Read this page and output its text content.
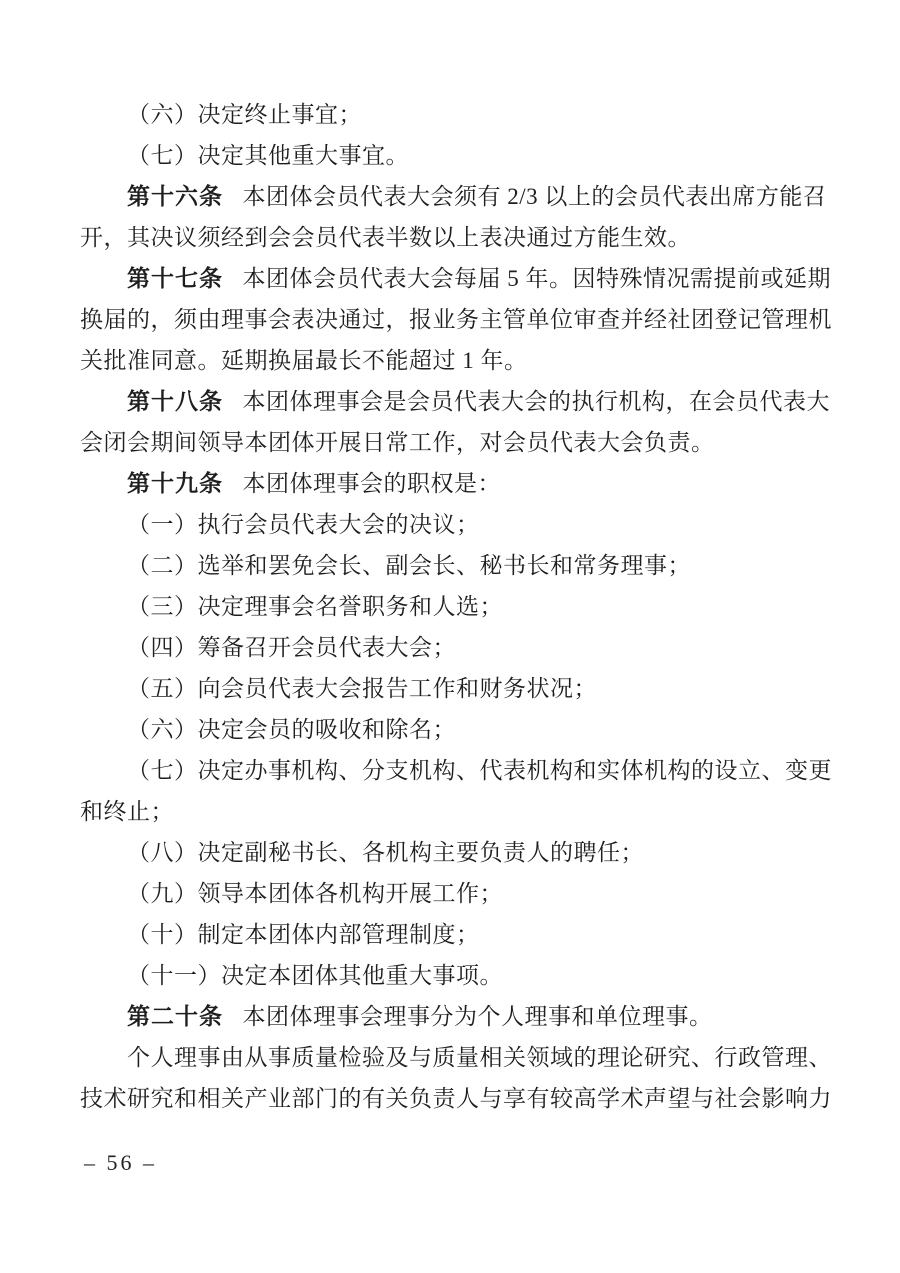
（六）决定终止事宜；

（七）决定其他重大事宜。

第十六条 本团体会员代表大会须有 2/3 以上的会员代表出席方能召

开，其决议须经到会会员代表半数以上表决通过方能生效。

第十七条 本团体会员代表大会每届 5 年。因特殊情况需提前或延期

换届的，须由理事会表决通过，报业务主管单位审查并经社团登记管理机

关批准同意。延期换届最长不能超过 1 年。

第十八条 本团体理事会是会员代表大会的执行机构，在会员代表大

会闭会期间领导本团体开展日常工作，对会员代表大会负责。

第十九条 本团体理事会的职权是：

（一）执行会员代表大会的决议；

（二）选举和罢免会长、副会长、秘书长和常务理事；

（三）决定理事会名誉职务和人选；

（四）筹备召开会员代表大会；

（五）向会员代表大会报告工作和财务状况；

（六）决定会员的吸收和除名；

（七）决定办事机构、分支机构、代表机构和实体机构的设立、变更

和终止；

（八）决定副秘书长、各机构主要负责人的聘任；

（九）领导本团体各机构开展工作；

（十）制定本团体内部管理制度；

（十一）决定本团体其他重大事项。

第二十条 本团体理事会理事分为个人理事和单位理事。

个人理事由从事质量检验及与质量相关领域的理论研究、行政管理、

技术研究和相关产业部门的有关负责人与享有较高学术声望与社会影响力

– 56 –
